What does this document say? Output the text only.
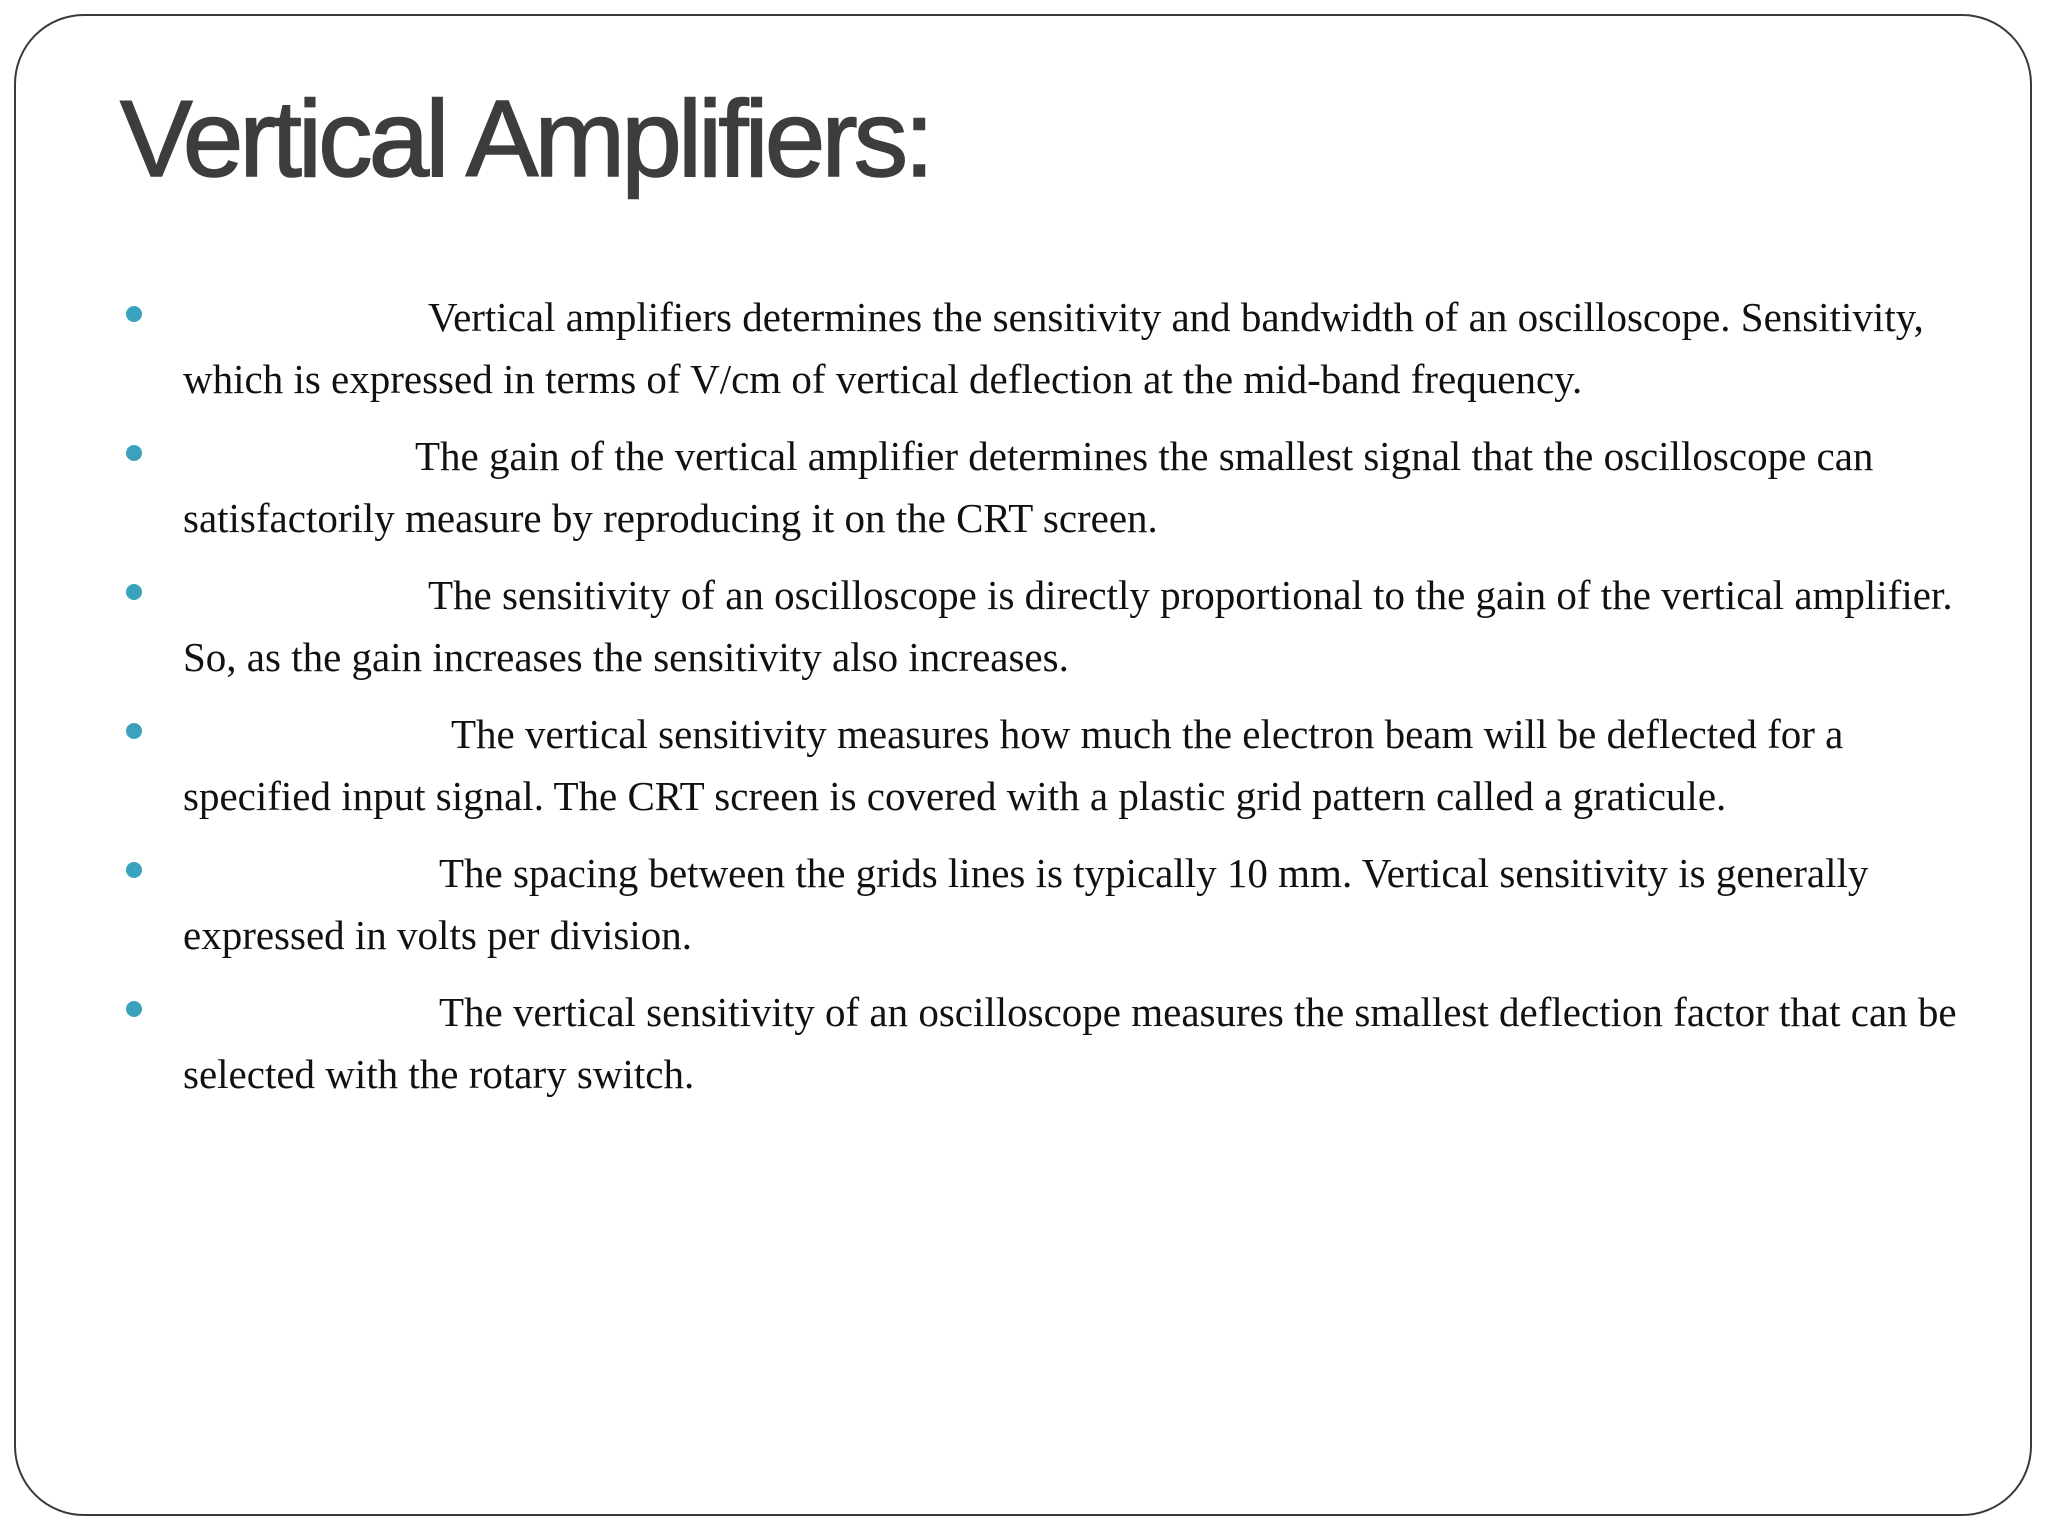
Vertical Amplifiers:
Vertical amplifiers determines the sensitivity and bandwidth of an oscilloscope. Sensitivity, which is expressed in terms of V/cm of vertical deflection at the mid-band frequency.
The gain of the vertical amplifier determines the smallest signal that the oscilloscope can satisfactorily measure by reproducing it on the CRT screen.
The sensitivity of an oscilloscope is directly proportional to the gain of the vertical amplifier. So, as the gain increases the sensitivity also increases.
The vertical sensitivity measures how much the electron beam will be deflected for a specified input signal. The CRT screen is covered with a plastic grid pattern called a graticule.
The spacing between the grids lines is typically 10 mm. Vertical sensitivity is generally expressed in volts per division.
The vertical sensitivity of an oscilloscope measures the smallest deflection factor that can be  selected with the rotary switch.
